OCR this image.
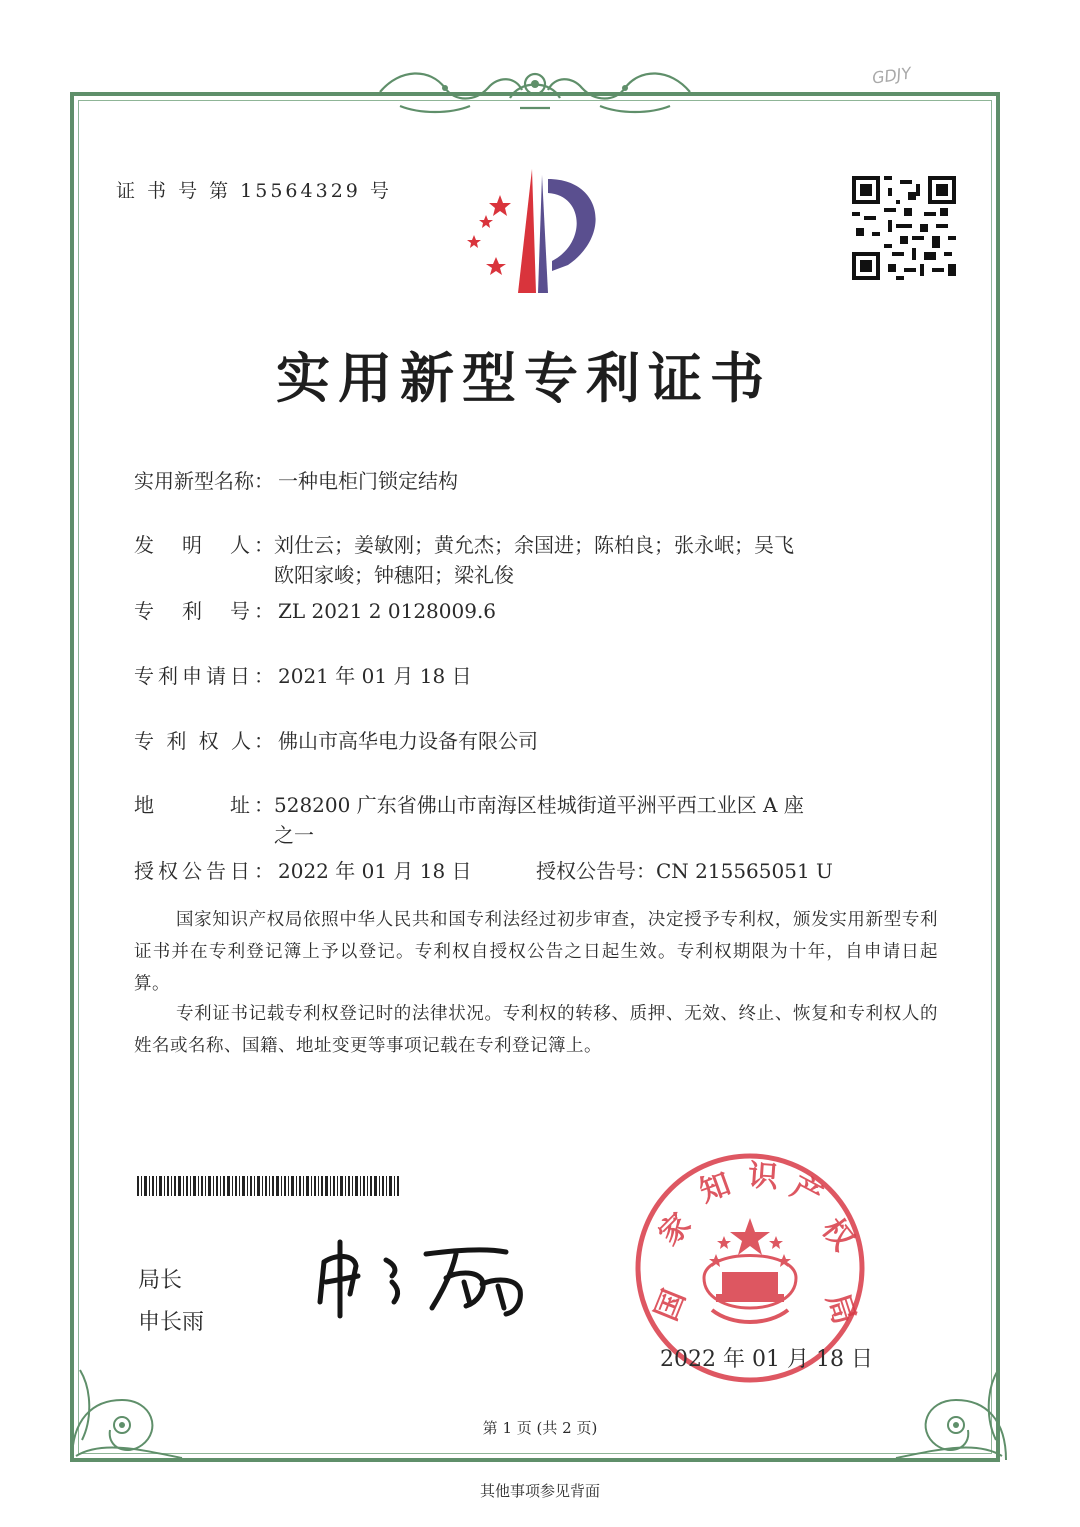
GDJY
证 书 号 第 15564329 号
实用新型专利证书
实用新型名称： 一种电柜门锁定结构
发　明　人： 刘仕云；姜敏刚；黄允杰；余国进；陈柏良；张永岷；吴飞
欧阳家峻；钟穗阳；梁礼俊
专　利　号： ZL 2021 2 0128009.6
专利申请日： 2021 年 01 月 18 日
专 利 权 人： 佛山市高华电力设备有限公司
地　　　址： 528200 广东省佛山市南海区桂城街道平洲平西工业区 A 座
之一
授权公告日： 2022 年 01 月 18 日	授权公告号：CN 215565051 U
国家知识产权局依照中华人民共和国专利法经过初步审查，决定授予专利权，颁发实用新型专利证书并在专利登记簿上予以登记。专利权自授权公告之日起生效。专利权期限为十年，自申请日起算。
专利证书记载专利权登记时的法律状况。专利权的转移、质押、无效、终止、恢复和专利权人的姓名或名称、国籍、地址变更等事项记载在专利登记簿上。
局长
申长雨	国
家
知 识 产
权
局
2022 年 01 月 18 日
第 1 页 (共 2 页)
其他事项参见背面
